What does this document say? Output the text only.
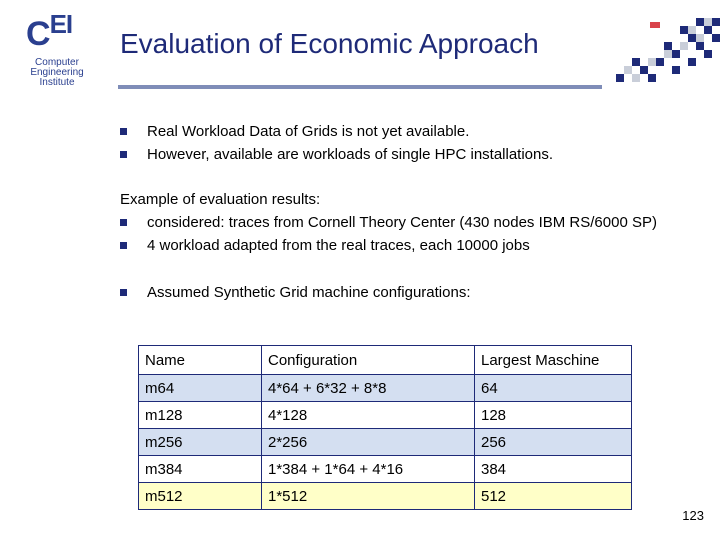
$C^{EI}$
Computer
Engineering
Institute
Evaluation of Economic Approach
Real Workload Data of Grids is not yet available.
However, available are workloads of single HPC installations.
Example of evaluation results:
considered: traces from Cornell Theory Center (430 nodes IBM RS/6000 SP)
4 workload adapted from the real traces, each 10000 jobs
Assumed Synthetic Grid machine configurations:
Name	Configuration	Largest Maschine
m64	4*64 + 6*32 + 8*8	64
m128	4*128	128
m256	2*256	256
m384	1*384 + 1*64 + 4*16	384
m512	1*512	512
123
